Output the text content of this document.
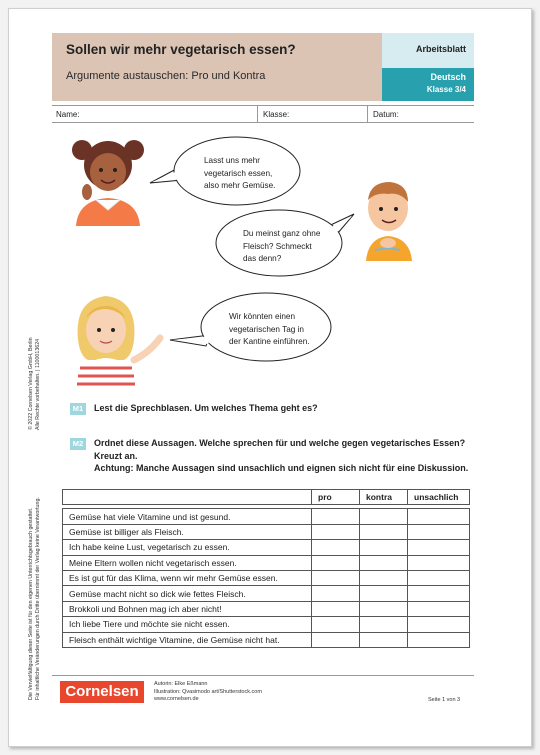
Sollen wir mehr vegetarisch essen?
Argumente austauschen: Pro und Kontra
Arbeitsblatt
Deutsch
Klasse 3/4
Name:	Klasse:	Datum:
© 2022 Cornelsen Verlag GmbH, Berlin Alle Rechte vorbehalten. | 1100013624
Die Vervielfältigung dieser Seite ist für den eigenen Unterrichtsgebrauch gestattet. Für inhaltliche Veränderungen durch Dritte übernimmt der Verlag keine Verantwortung.
Lasst uns mehr
vegetarisch essen,
also mehr Gemüse.
Du meinst ganz ohne
Fleisch? Schmeckt
das denn?
Wir könnten einen
vegetarischen Tag in
der Kantine einführen.
M1	Lest die Sprechblasen. Um welches Thema geht es?
M2	Ordnet diese Aussagen. Welche sprechen für und welche gegen vegetarisches Essen?
Kreuzt an.
Achtung: Manche Aussagen sind unsachlich und eignen sich nicht für eine Diskussion.
	pro	kontra	unsachlich

Gemüse hat viele Vitamine und ist gesund.			
Gemüse ist billiger als Fleisch.			
Ich habe keine Lust, vegetarisch zu essen.			
Meine Eltern wollen nicht vegetarisch essen.			
Es ist gut für das Klima, wenn wir mehr Gemüse essen.			
Gemüse macht nicht so dick wie fettes Fleisch.			
Brokkoli und Bohnen mag ich aber nicht!			
Ich liebe Tiere und möchte sie nicht essen.			
Fleisch enthält wichtige Vitamine, die Gemüse nicht hat.			
Cornelsen	Autorin: Elke Eßmann
Illustration: Qvasimodo art/Shutterstock.com
www.cornelsen.de	Seite 1 von 3
